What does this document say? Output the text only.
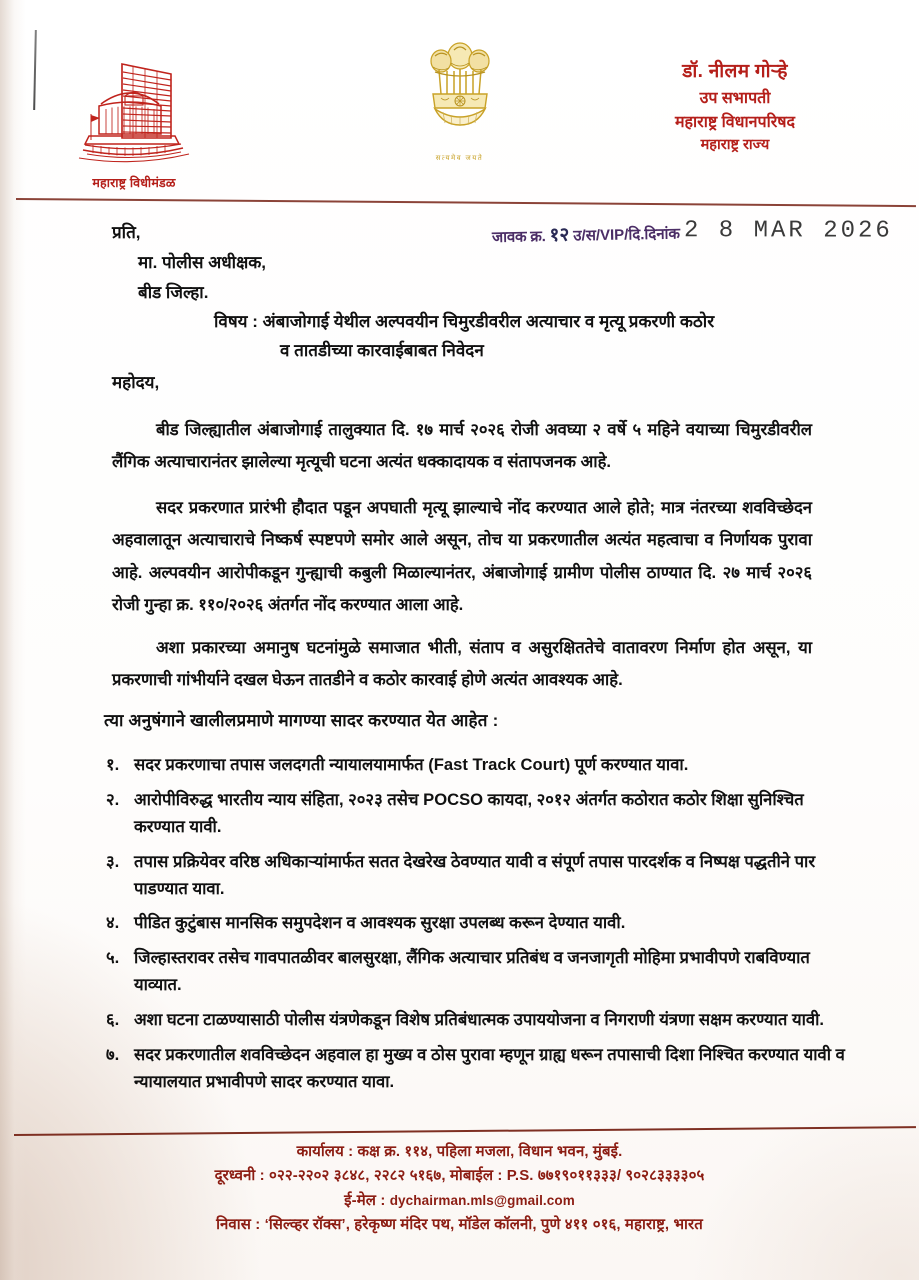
महाराष्ट्र विधीमंडळ
सत्यमेव जयते
डॉ. नीलम गोऱ्हे
उप सभापती
महाराष्ट्र विधानपरिषद
महाराष्ट्र राज्य
जावक क्र. १२ उ/स/VIP/दि.दिनांक 2 8 MAR 2026
प्रति,
मा. पोलीस अधीक्षक,
बीड जिल्हा.
विषय : अंबाजोगाई येथील अल्पवयीन चिमुरडीवरील अत्याचार व मृत्यू प्रकरणी कठोर
व तातडीच्या कारवाईबाबत निवेदन
महोदय,
बीड जिल्ह्यातील अंबाजोगाई तालुक्यात दि. १७ मार्च २०२६ रोजी अवघ्या २ वर्षे ५ महिने वयाच्या चिमुरडीवरील लैंगिक अत्याचारानंतर झालेल्या मृत्यूची घटना अत्यंत धक्कादायक व संतापजनक आहे.
सदर प्रकरणात प्रारंभी हौदात पडून अपघाती मृत्यू झाल्याचे नोंद करण्यात आले होते; मात्र नंतरच्या शवविच्छेदन अहवालातून अत्याचाराचे निष्कर्ष स्पष्टपणे समोर आले असून, तोच या प्रकरणातील अत्यंत महत्वाचा व निर्णायक पुरावा आहे. अल्पवयीन आरोपीकडून गुन्ह्याची कबुली मिळाल्यानंतर, अंबाजोगाई ग्रामीण पोलीस ठाण्यात दि. २७ मार्च २०२६ रोजी गुन्हा क्र. ११०/२०२६ अंतर्गत नोंद करण्यात आला आहे.
अशा प्रकारच्या अमानुष घटनांमुळे समाजात भीती, संताप व असुरक्षिततेचे वातावरण निर्माण होत असून, या प्रकरणाची गांभीर्याने दखल घेऊन तातडीने व कठोर कारवाई होणे अत्यंत आवश्यक आहे.
त्या अनुषंगाने खालीलप्रमाणे मागण्या सादर करण्यात येत आहेत :
१. सदर प्रकरणाचा तपास जलदगती न्यायालयामार्फत (Fast Track Court) पूर्ण करण्यात यावा.
२. आरोपीविरुद्ध भारतीय न्याय संहिता, २०२३ तसेच POCSO कायदा, २०१२ अंतर्गत कठोरात कठोर शिक्षा सुनिश्चित करण्यात यावी.
३. तपास प्रक्रियेवर वरिष्ठ अधिकाऱ्यांमार्फत सतत देखरेख ठेवण्यात यावी व संपूर्ण तपास पारदर्शक व निष्पक्ष पद्धतीने पार पाडण्यात यावा.
४. पीडित कुटुंबास मानसिक समुपदेशन व आवश्यक सुरक्षा उपलब्ध करून देण्यात यावी.
५. जिल्हास्तरावर तसेच गावपातळीवर बालसुरक्षा, लैंगिक अत्याचार प्रतिबंध व जनजागृती मोहिमा प्रभावीपणे राबविण्यात याव्यात.
६. अशा घटना टाळण्यासाठी पोलीस यंत्रणेकडून विशेष प्रतिबंधात्मक उपाययोजना व निगराणी यंत्रणा सक्षम करण्यात यावी.
७. सदर प्रकरणातील शवविच्छेदन अहवाल हा मुख्य व ठोस पुरावा म्हणून ग्राह्य धरून तपासाची दिशा निश्चित करण्यात यावी व न्यायालयात प्रभावीपणे सादर करण्यात यावा.
कार्यालय : कक्ष क्र. ११४, पहिला मजला, विधान भवन, मुंबई.
दूरध्वनी : ०२२-२२०२ ३८४८, २२८२ ५१६७, मोबाईल : P.S. ७७१९०११३३३/ ९०२८३३३३०५
ई-मेल : dychairman.mls@gmail.com
निवास : ‘सिल्व्हर रॉक्स’, हरेकृष्ण मंदिर पथ, मॉडेल कॉलनी, पुणे ४११ ०१६, महाराष्ट्र, भारत
